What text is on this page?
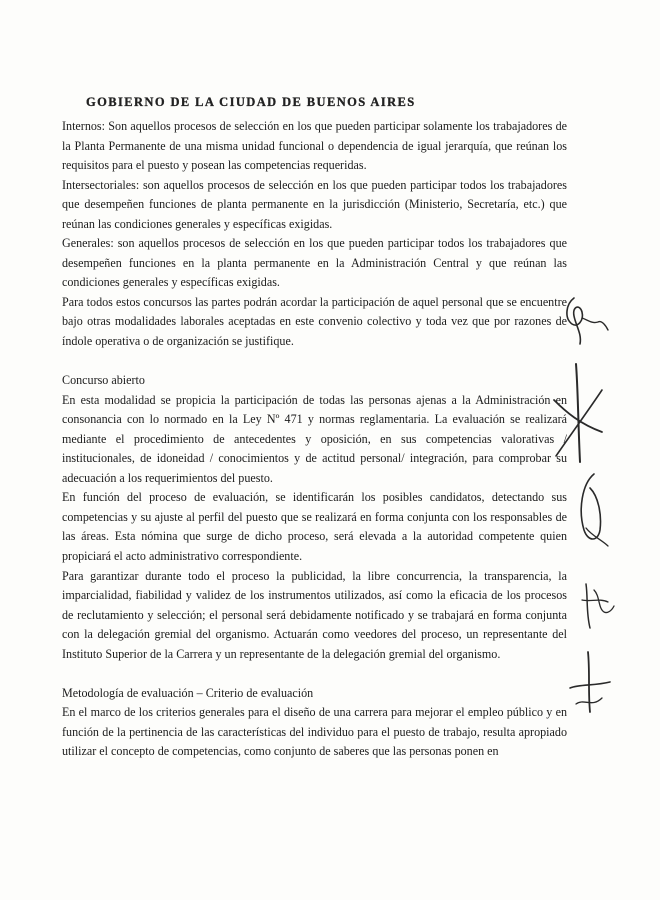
GOBIERNO DE LA CIUDAD DE BUENOS AIRES

Internos: Son aquellos procesos de selección en los que pueden participar solamente los trabajadores de la Planta Permanente de una misma unidad funcional o dependencia de igual jerarquía, que reúnan los requisitos para el puesto y posean las competencias requeridas.

Intersectoriales: son aquellos procesos de selección en los que pueden participar todos los trabajadores que desempeñen funciones de planta permanente en la jurisdicción (Ministerio, Secretaría, etc.) que reúnan las condiciones generales y específicas exigidas.

Generales: son aquellos procesos de selección en los que pueden participar todos los trabajadores que desempeñen funciones en la planta permanente en la Administración Central y que reúnan las condiciones generales y específicas exigidas.

Para todos estos concursos las partes podrán acordar la participación de aquel personal que se encuentre bajo otras modalidades laborales aceptadas en este convenio colectivo y toda vez que por razones de índole operativa o de organización se justifique.

Concurso abierto

En esta modalidad se propicia la participación de todas las personas ajenas a la Administración en consonancia con lo normado en la Ley Nº 471 y normas reglamentaria. La evaluación se realizará mediante el procedimiento de antecedentes y oposición, en sus competencias valorativas / institucionales, de idoneidad / conocimientos y de actitud personal/ integración, para comprobar su adecuación a los requerimientos del puesto.

En función del proceso de evaluación, se identificarán los posibles candidatos, detectando sus competencias y su ajuste al perfil del puesto que se realizará en forma conjunta con los responsables de las áreas. Esta nómina que surge de dicho proceso, será elevada a la autoridad competente quien propiciará el acto administrativo correspondiente.

Para garantizar durante todo el proceso la publicidad, la libre concurrencia, la transparencia, la imparcialidad, fiabilidad y validez de los instrumentos utilizados, así como la eficacia de los procesos de reclutamiento y selección; el personal será debidamente notificado y se trabajará en forma conjunta con la delegación gremial del organismo. Actuarán como veedores del proceso, un representante del Instituto Superior de la Carrera y un representante de la delegación gremial del organismo.

Metodología de evaluación – Criterio de evaluación

En el marco de los criterios generales para el diseño de una carrera para mejorar el empleo público y en función de la pertinencia de las características del individuo para el puesto de trabajo, resulta apropiado utilizar el concepto de competencias, como conjunto de saberes que las personas ponen en
